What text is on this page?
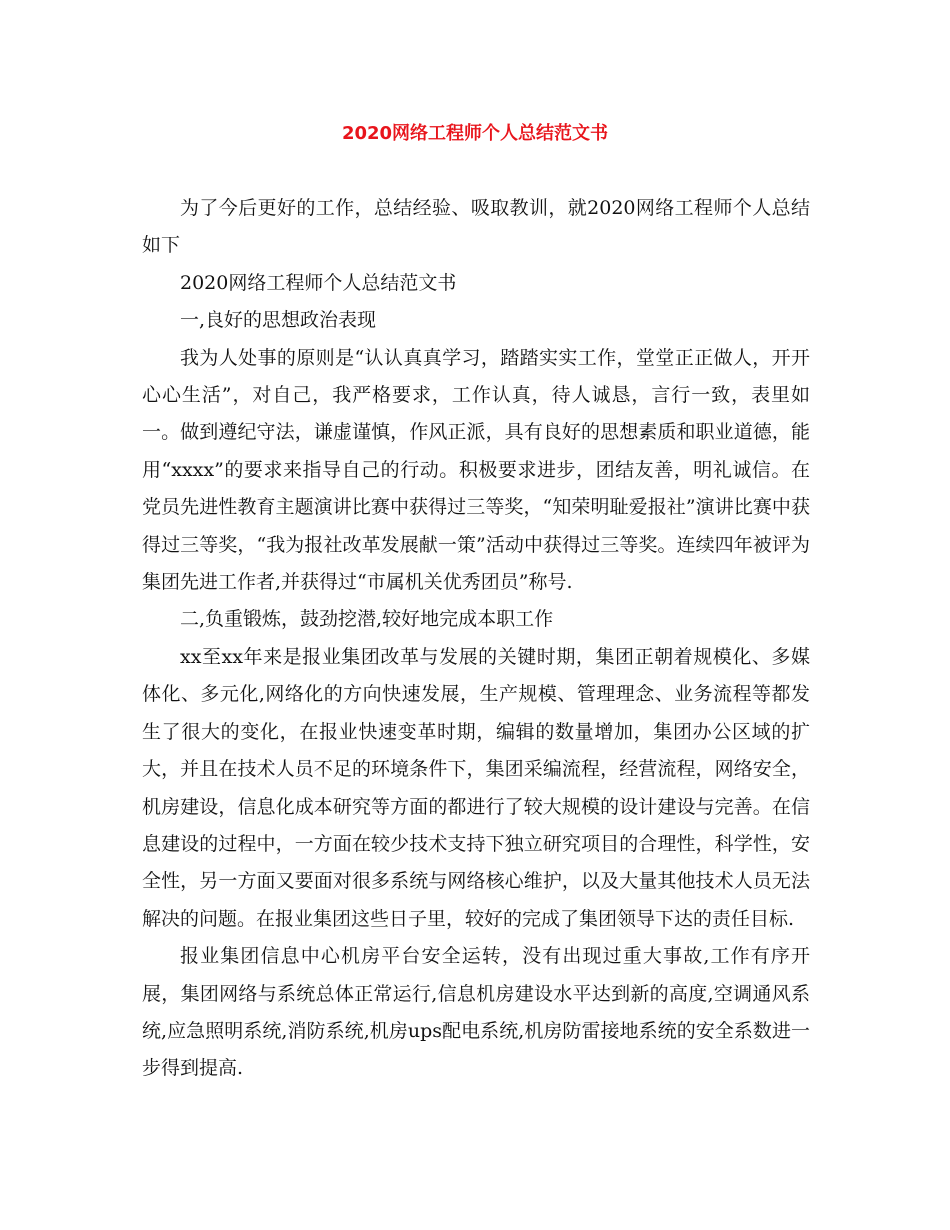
2020网络工程师个人总结范文书

为了今后更好的工作，总结经验、吸取教训，就2020网络工程师个人总结如下

2020网络工程师个人总结范文书

一,良好的思想政治表现

我为人处事的原则是“认认真真学习，踏踏实实工作，堂堂正正做人，开开心心生活”，对自己，我严格要求，工作认真，待人诚恳，言行一致，表里如一。做到遵纪守法，谦虚谨慎，作风正派，具有良好的思想素质和职业道德，能用“xxxx”的要求来指导自己的行动。积极要求进步，团结友善，明礼诚信。在党员先进性教育主题演讲比赛中获得过三等奖，“知荣明耻爱报社”演讲比赛中获得过三等奖，“我为报社改革发展献一策”活动中获得过三等奖。连续四年被评为集团先进工作者,并获得过“市属机关优秀团员”称号.

二,负重锻炼，鼓劲挖潜,较好地完成本职工作

xx至xx年来是报业集团改革与发展的关键时期，集团正朝着规模化、多媒体化、多元化,网络化的方向快速发展，生产规模、管理理念、业务流程等都发生了很大的变化，在报业快速变革时期，编辑的数量增加，集团办公区域的扩大，并且在技术人员不足的环境条件下，集团采编流程，经营流程，网络安全，机房建设，信息化成本研究等方面的都进行了较大规模的设计建设与完善。在信息建设的过程中，一方面在较少技术支持下独立研究项目的合理性，科学性，安全性，另一方面又要面对很多系统与网络核心维护，以及大量其他技术人员无法解决的问题。在报业集团这些日子里，较好的完成了集团领导下达的责任目标.

报业集团信息中心机房平台安全运转，没有出现过重大事故,工作有序开展，集团网络与系统总体正常运行,信息机房建设水平达到新的高度,空调通风系统,应急照明系统,消防系统,机房ups配电系统,机房防雷接地系统的安全系数进一步得到提高.
